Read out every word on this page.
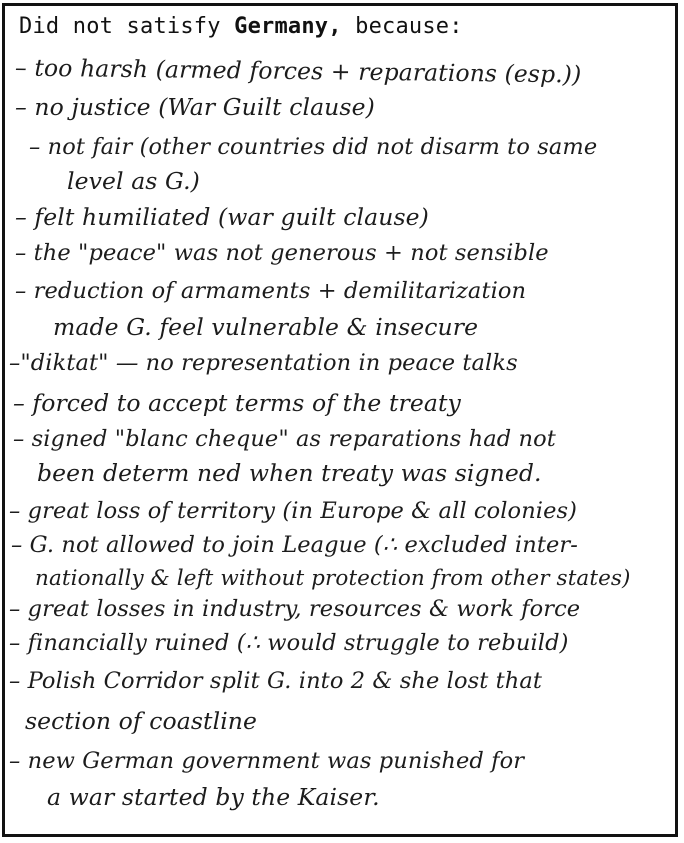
Did not satisfy Germany, because:
– too harsh (armed forces + reparations (esp.))
– no justice (War Guilt clause)
– not fair (other countries did not disarm to same
level as G.)
– felt humiliated (war guilt clause)
– the "peace" was not generous + not sensible
– reduction of armaments + demilitarization
made G. feel vulnerable & insecure
–"diktat" — no representation in peace talks
– forced to accept terms of the treaty
– signed "blanc cheque" as reparations had not
been determ ned when treaty was signed.
– great loss of territory (in Europe & all colonies)
– G. not allowed to join League (∴ excluded inter-
nationally & left without protection from other states)
– great losses in industry, resources & work force
– financially ruined (∴ would struggle to rebuild)
– Polish Corridor split G. into 2 & she lost that
section of coastline
– new German government was punished for
a war started by the Kaiser.
